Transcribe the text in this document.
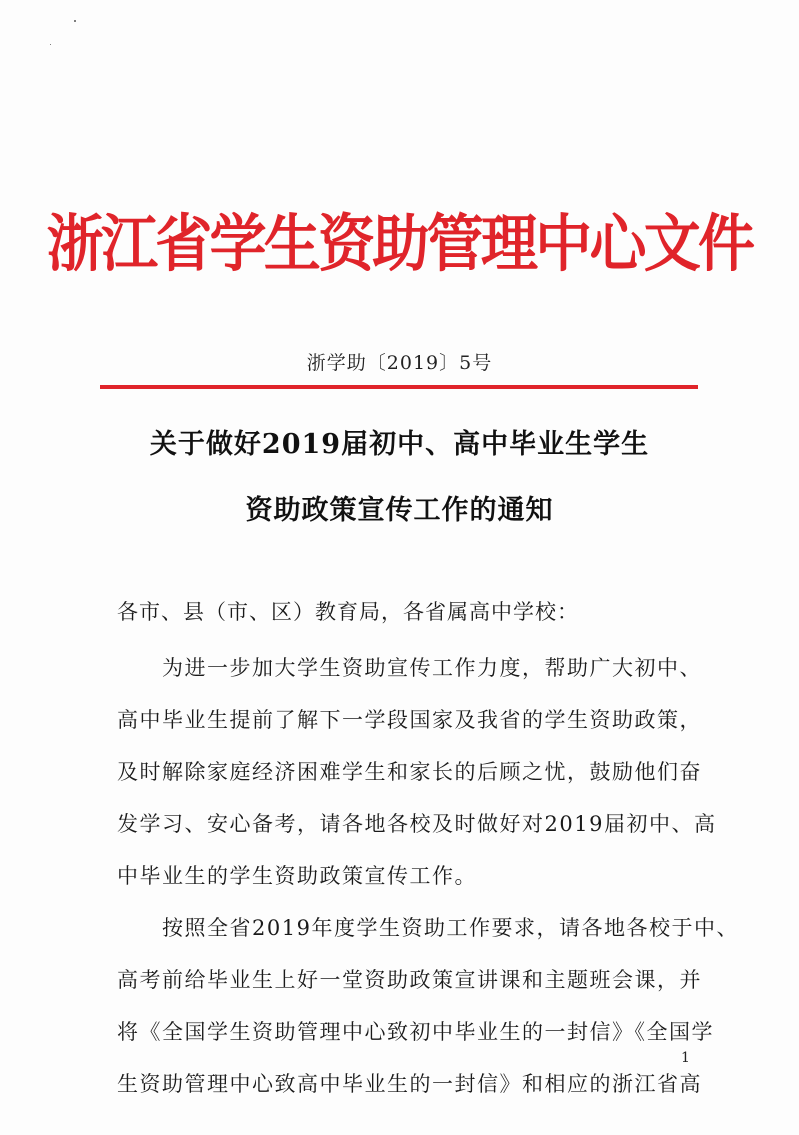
浙江省学生资助管理中心文件
浙学助〔2019〕5号
关于做好2019届初中、高中毕业生学生
资助政策宣传工作的通知
各市、县（市、区）教育局，各省属高中学校：
　　为进一步加大学生资助宣传工作力度，帮助广大初中、
高中毕业生提前了解下一学段国家及我省的学生资助政策，
及时解除家庭经济困难学生和家长的后顾之忧，鼓励他们奋
发学习、安心备考，请各地各校及时做好对2019届初中、高
中毕业生的学生资助政策宣传工作。
　　按照全省2019年度学生资助工作要求，请各地各校于中、
高考前给毕业生上好一堂资助政策宣讲课和主题班会课，并
将《全国学生资助管理中心致初中毕业生的一封信》《全国学
生资助管理中心致高中毕业生的一封信》和相应的浙江省高
1
